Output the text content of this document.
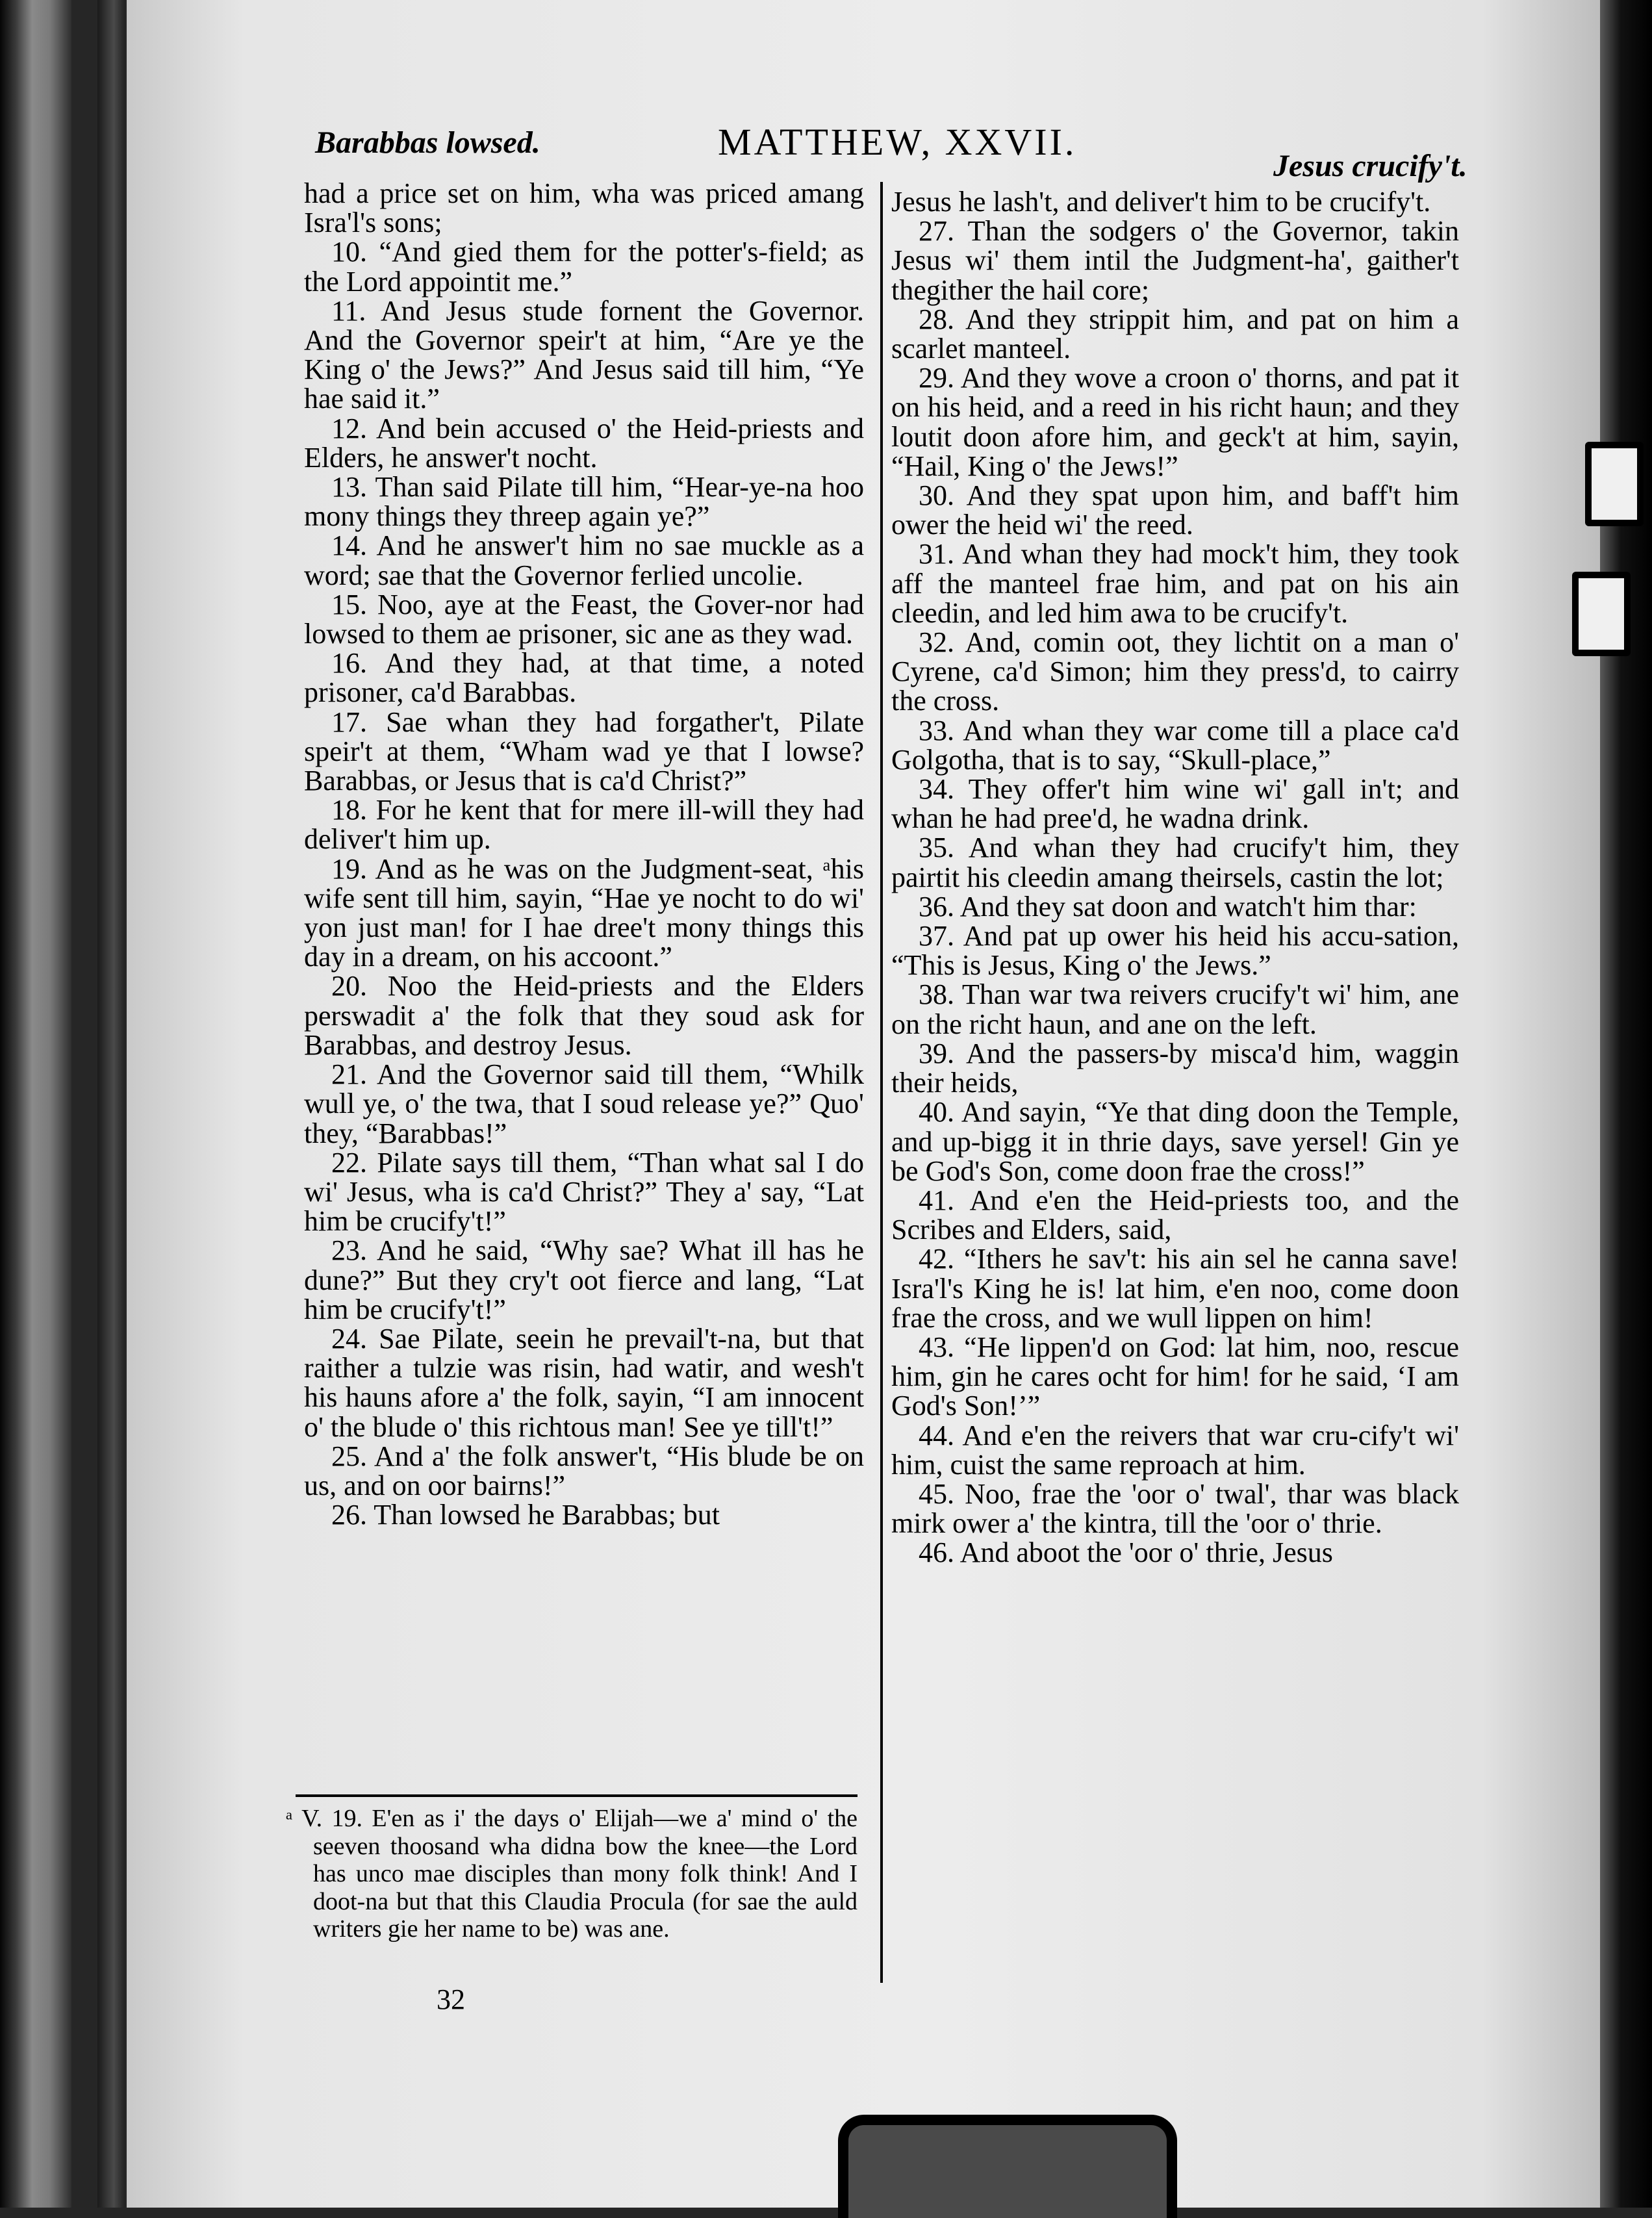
Barabbas lowsed.	MATTHEW, XXVII.
Jesus crucify't.

had a price set on him, wha was priced amang Isra'l's sons;

10. “And gied them for the potter's-field; as the Lord appointit me.”

11. And Jesus stude fornent the Governor. And the Governor speir't at him, “Are ye the King o' the Jews?” And Jesus said till him, “Ye hae said it.”

12. And bein accused o' the Heid-priests and Elders, he answer't nocht.

13. Than said Pilate till him, “Hear-ye-na hoo mony things they threep again ye?”

14. And he answer't him no sae muckle as a word; sae that the Governor ferlied uncolie.

15. Noo, aye at the Feast, the Gover-nor had lowsed to them ae prisoner, sic ane as they wad.

16. And they had, at that time, a noted prisoner, ca'd Barabbas.

17. Sae whan they had forgather't, Pilate speir't at them, “Wham wad ye that I lowse? Barabbas, or Jesus that is ca'd Christ?”

18. For he kent that for mere ill-will they had deliver't him up.

19. And as he was on the Judgment-seat, ᵃhis wife sent till him, sayin, “Hae ye nocht to do wi' yon just man! for I hae dree't mony things this day in a dream, on his accoont.”

20. Noo the Heid-priests and the Elders perswadit a' the folk that they soud ask for Barabbas, and destroy Jesus.

21. And the Governor said till them, “Whilk wull ye, o' the twa, that I soud release ye?” Quo' they, “Barabbas!”

22. Pilate says till them, “Than what sal I do wi' Jesus, wha is ca'd Christ?” They a' say, “Lat him be crucify't!”

23. And he said, “Why sae? What ill has he dune?” But they cry't oot fierce and lang, “Lat him be crucify't!”

24. Sae Pilate, seein he prevail't-na, but that raither a tulzie was risin, had watir, and wesh't his hauns afore a' the folk, sayin, “I am innocent o' the blude o' this richtous man! See ye till't!”

25. And a' the folk answer't, “His blude be on us, and on oor bairns!”

26. Than lowsed he Barabbas; but

Jesus he lash't, and deliver't him to be crucify't.

27. Than the sodgers o' the Governor, takin Jesus wi' them intil the Judgment-ha', gaither't thegither the hail core;

28. And they strippit him, and pat on him a scarlet manteel.

29. And they wove a croon o' thorns, and pat it on his heid, and a reed in his richt haun; and they loutit doon afore him, and geck't at him, sayin, “Hail, King o' the Jews!”

30. And they spat upon him, and baff't him ower the heid wi' the reed.

31. And whan they had mock't him, they took aff the manteel frae him, and pat on his ain cleedin, and led him awa to be crucify't.

32. And, comin oot, they lichtit on a man o' Cyrene, ca'd Simon; him they press'd, to cairry the cross.

33. And whan they war come till a place ca'd Golgotha, that is to say, “Skull-place,”

34. They offer't him wine wi' gall in't; and whan he had pree'd, he wadna drink.

35. And whan they had crucify't him, they pairtit his cleedin amang theirsels, castin the lot;

36. And they sat doon and watch't him thar:

37. And pat up ower his heid his accu-sation, “This is Jesus, King o' the Jews.”

38. Than war twa reivers crucify't wi' him, ane on the richt haun, and ane on the left.

39. And the passers-by misca'd him, waggin their heids,

40. And sayin, “Ye that ding doon the Temple, and up-bigg it in thrie days, save yersel! Gin ye be God's Son, come doon frae the cross!”

41. And e'en the Heid-priests too, and the Scribes and Elders, said,

42. “Ithers he sav't: his ain sel he canna save! Isra'l's King he is! lat him, e'en noo, come doon frae the cross, and we wull lippen on him!

43. “He lippen'd on God: lat him, noo, rescue him, gin he cares ocht for him! for he said, ‘I am God's Son!’”

44. And e'en the reivers that war cru-cify't wi' him, cuist the same reproach at him.

45. Noo, frae the 'oor o' twal', thar was black mirk ower a' the kintra, till the 'oor o' thrie.

46. And aboot the 'oor o' thrie, Jesus

ᵃ V. 19. E'en as i' the days o' Elijah—we a' mind o' the seeven thoosand wha didna bow the knee—the Lord has unco mae disciples than mony folk think! And I doot-na but that this Claudia Procula (for sae the auld writers gie her name to be) was ane.

32
